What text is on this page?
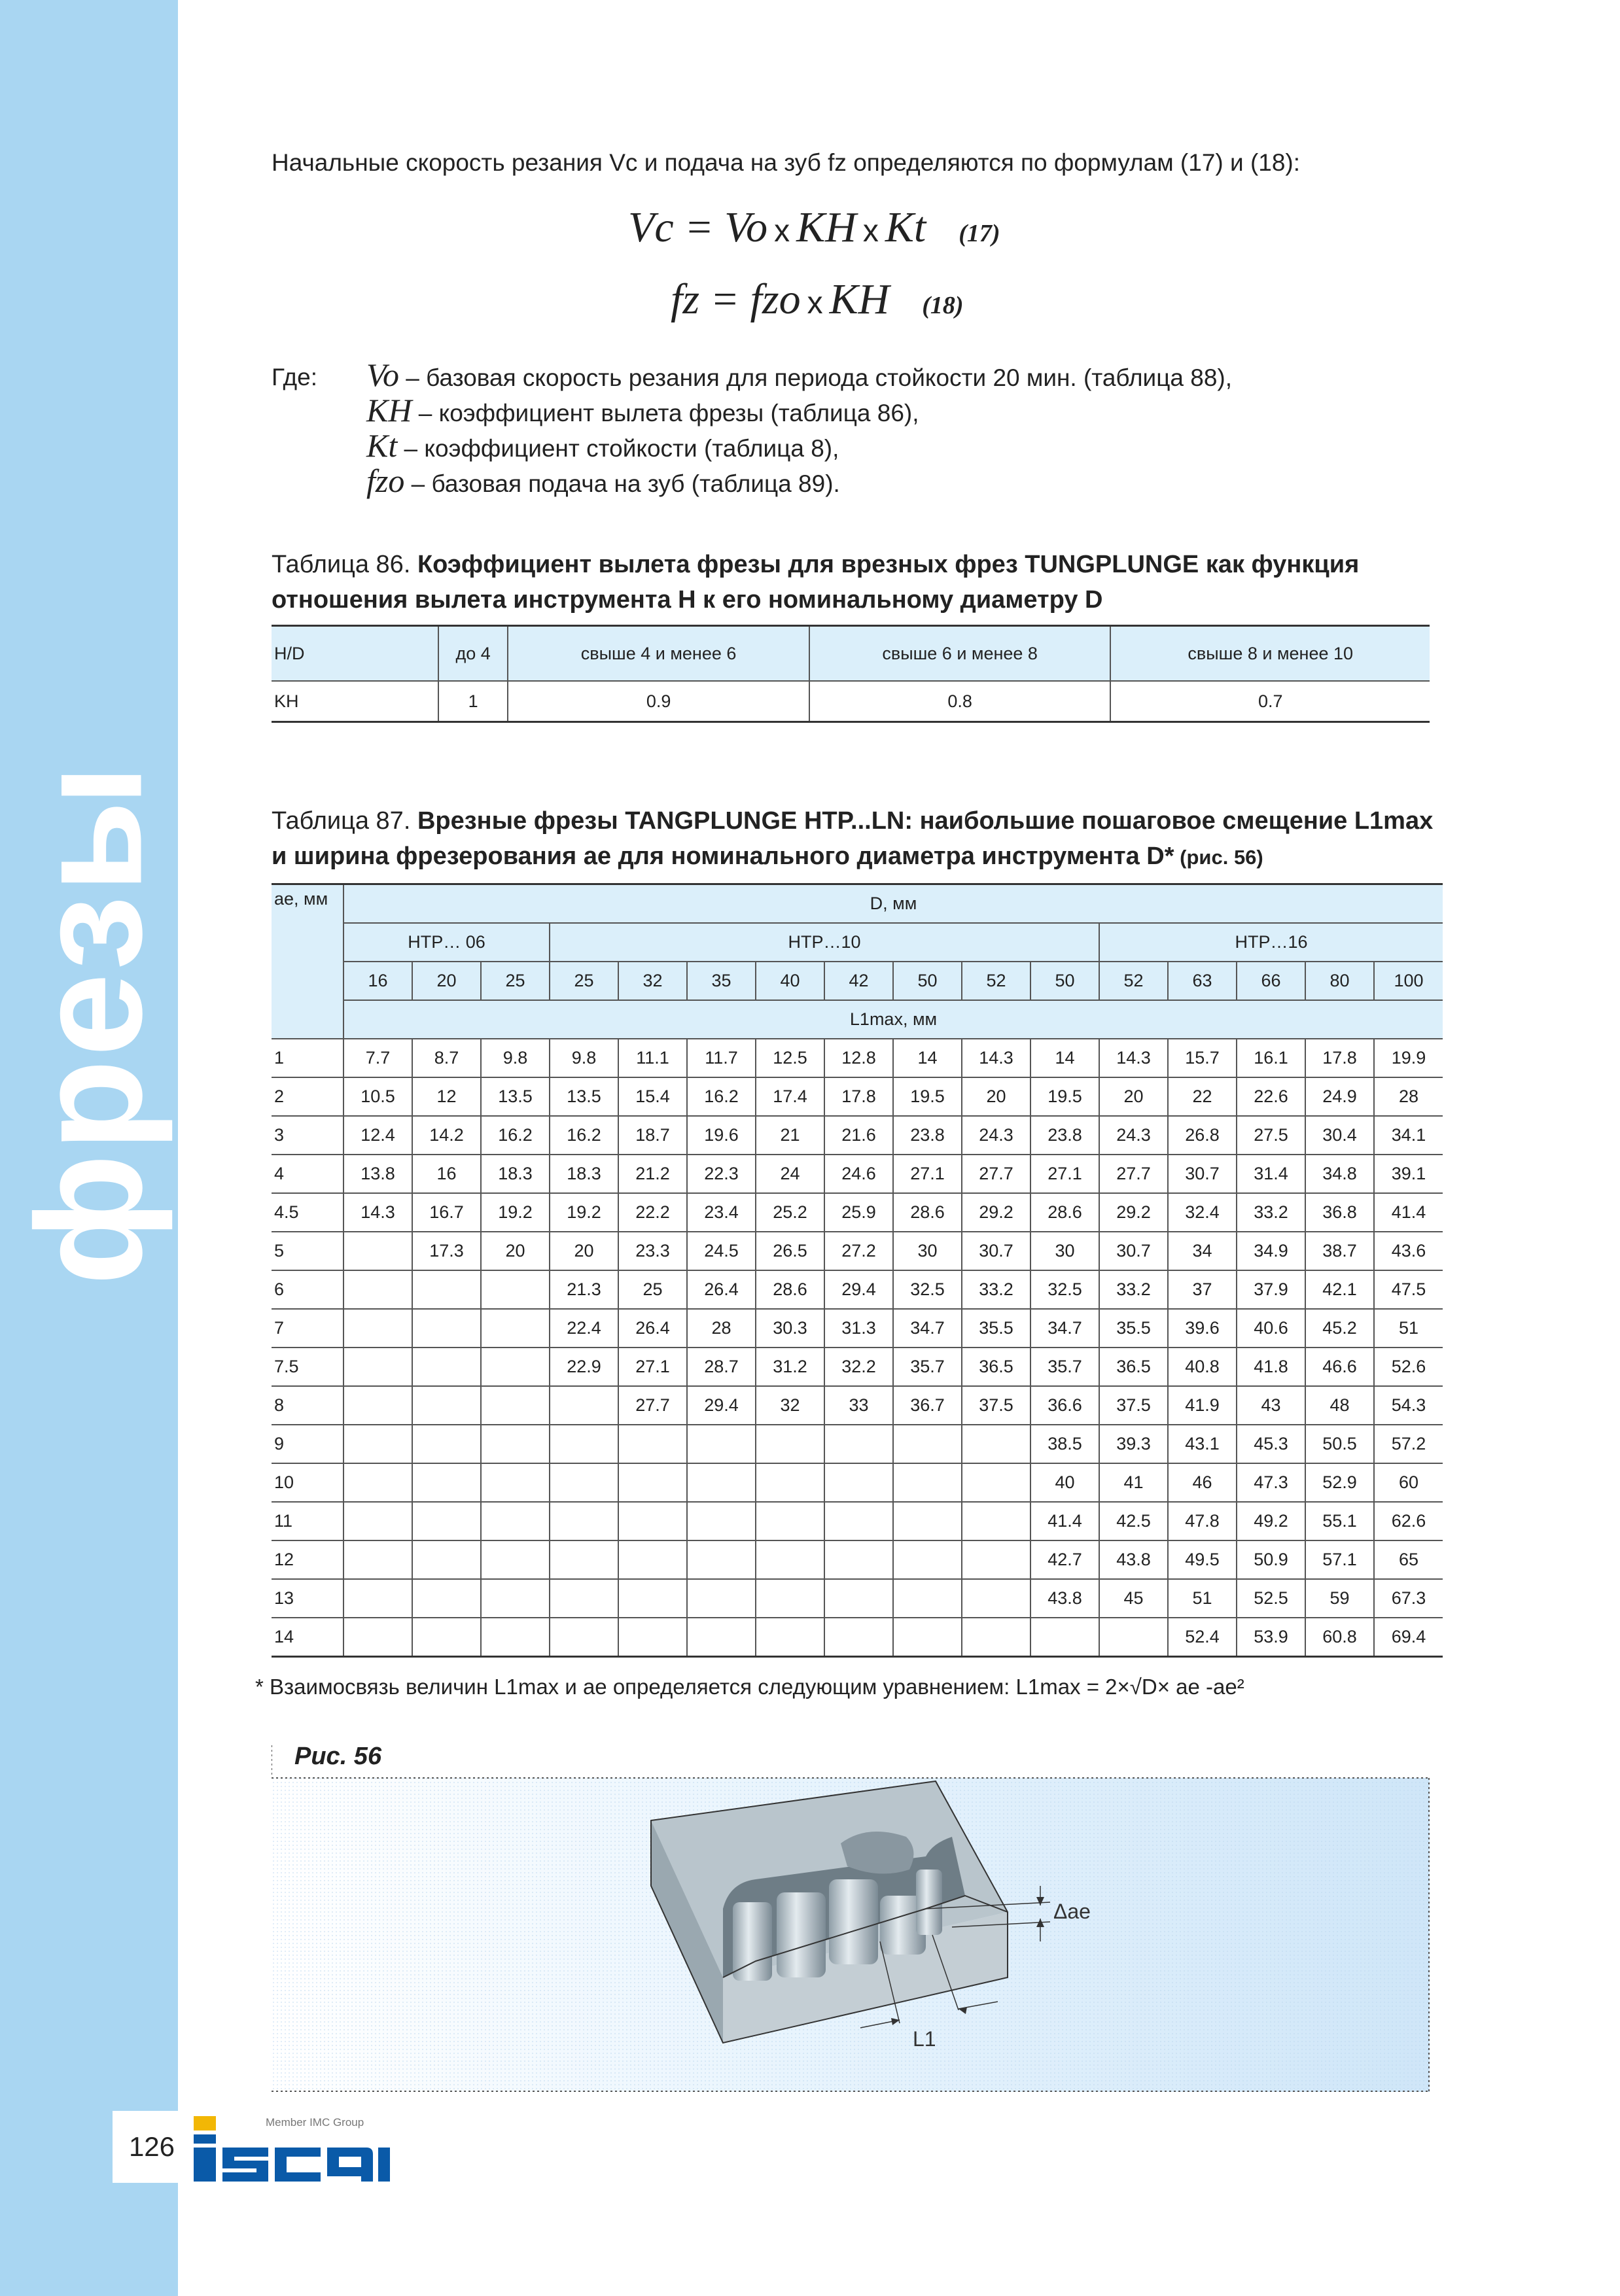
фрезы
126
Member IMC Group
Начальные скорость резания Vc и подача на зуб fz определяются по формулам (17) и (18):
Vc = Vo x KH x Kt (17)
fz = fzo x KH (18)
Где: Vo – базовая скорость резания для периода стойкости 20 мин. (таблица 88),
KH – коэффициент вылета фрезы (таблица 86),
Kt – коэффициент стойкости (таблица 8),
fzo – базовая подача на зуб (таблица 89).
Таблица 86. Коэффициент вылета фрезы для врезных фрез TUNGPLUNGE как функция отношения вылета инструмента H к его номинальному диаметру D
H/D	до 4	свыше 4 и менее 6	свыше 6 и менее 8	свыше 8 и менее 10
KH	1	0.9	0.8	0.7
Таблица 87. Врезные фрезы TANGPLUNGE HTP...LN: наибольшие пошаговое смещение L1max и ширина фрезерования ae для номинального диаметра инструмента D* (рис. 56)
ae, мм	D, мм															
	HTP… 06			HTP…10								HTP…16				
	16	20	25	25	32	35	40	42	50	52	50	52	63	66	80	100
	L1max, мм															
1	7.7	8.7	9.8	9.8	11.1	11.7	12.5	12.8	14	14.3	14	14.3	15.7	16.1	17.8	19.9
2	10.5	12	13.5	13.5	15.4	16.2	17.4	17.8	19.5	20	19.5	20	22	22.6	24.9	28
3	12.4	14.2	16.2	16.2	18.7	19.6	21	21.6	23.8	24.3	23.8	24.3	26.8	27.5	30.4	34.1
4	13.8	16	18.3	18.3	21.2	22.3	24	24.6	27.1	27.7	27.1	27.7	30.7	31.4	34.8	39.1
4.5	14.3	16.7	19.2	19.2	22.2	23.4	25.2	25.9	28.6	29.2	28.6	29.2	32.4	33.2	36.8	41.4
5		17.3	20	20	23.3	24.5	26.5	27.2	30	30.7	30	30.7	34	34.9	38.7	43.6
6				21.3	25	26.4	28.6	29.4	32.5	33.2	32.5	33.2	37	37.9	42.1	47.5
7				22.4	26.4	28	30.3	31.3	34.7	35.5	34.7	35.5	39.6	40.6	45.2	51
7.5				22.9	27.1	28.7	31.2	32.2	35.7	36.5	35.7	36.5	40.8	41.8	46.6	52.6
8					27.7	29.4	32	33	36.7	37.5	36.6	37.5	41.9	43	48	54.3
9											38.5	39.3	43.1	45.3	50.5	57.2
10											40	41	46	47.3	52.9	60
11											41.4	42.5	47.8	49.2	55.1	62.6
12											42.7	43.8	49.5	50.9	57.1	65
13											43.8	45	51	52.5	59	67.3
14													52.4	53.9	60.8	69.4
* Взаимосвязь величин L1max и ae определяется следующим уравнением: L1max = 2×√D× ae -ae²
Рис. 56
Δae
L1
